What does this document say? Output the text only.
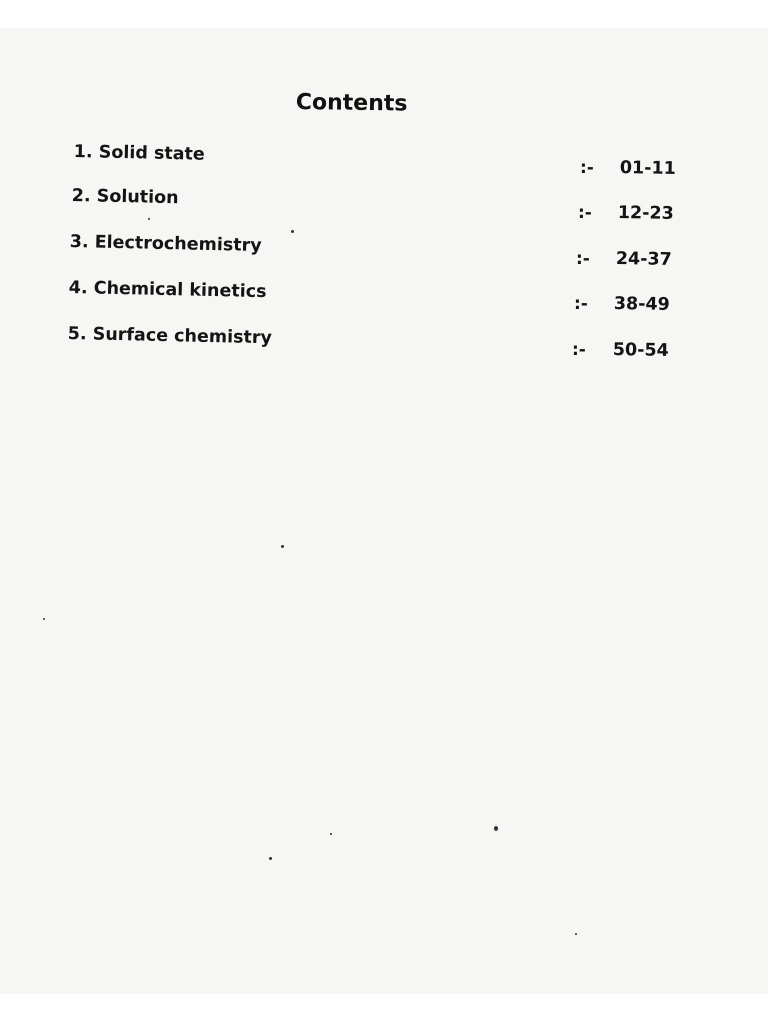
Contents
1. Solid state
:- 01-11
2. Solution
:- 12-23
3. Electrochemistry
:- 24-37
4. Chemical kinetics
:- 38-49
5. Surface chemistry
:- 50-54
